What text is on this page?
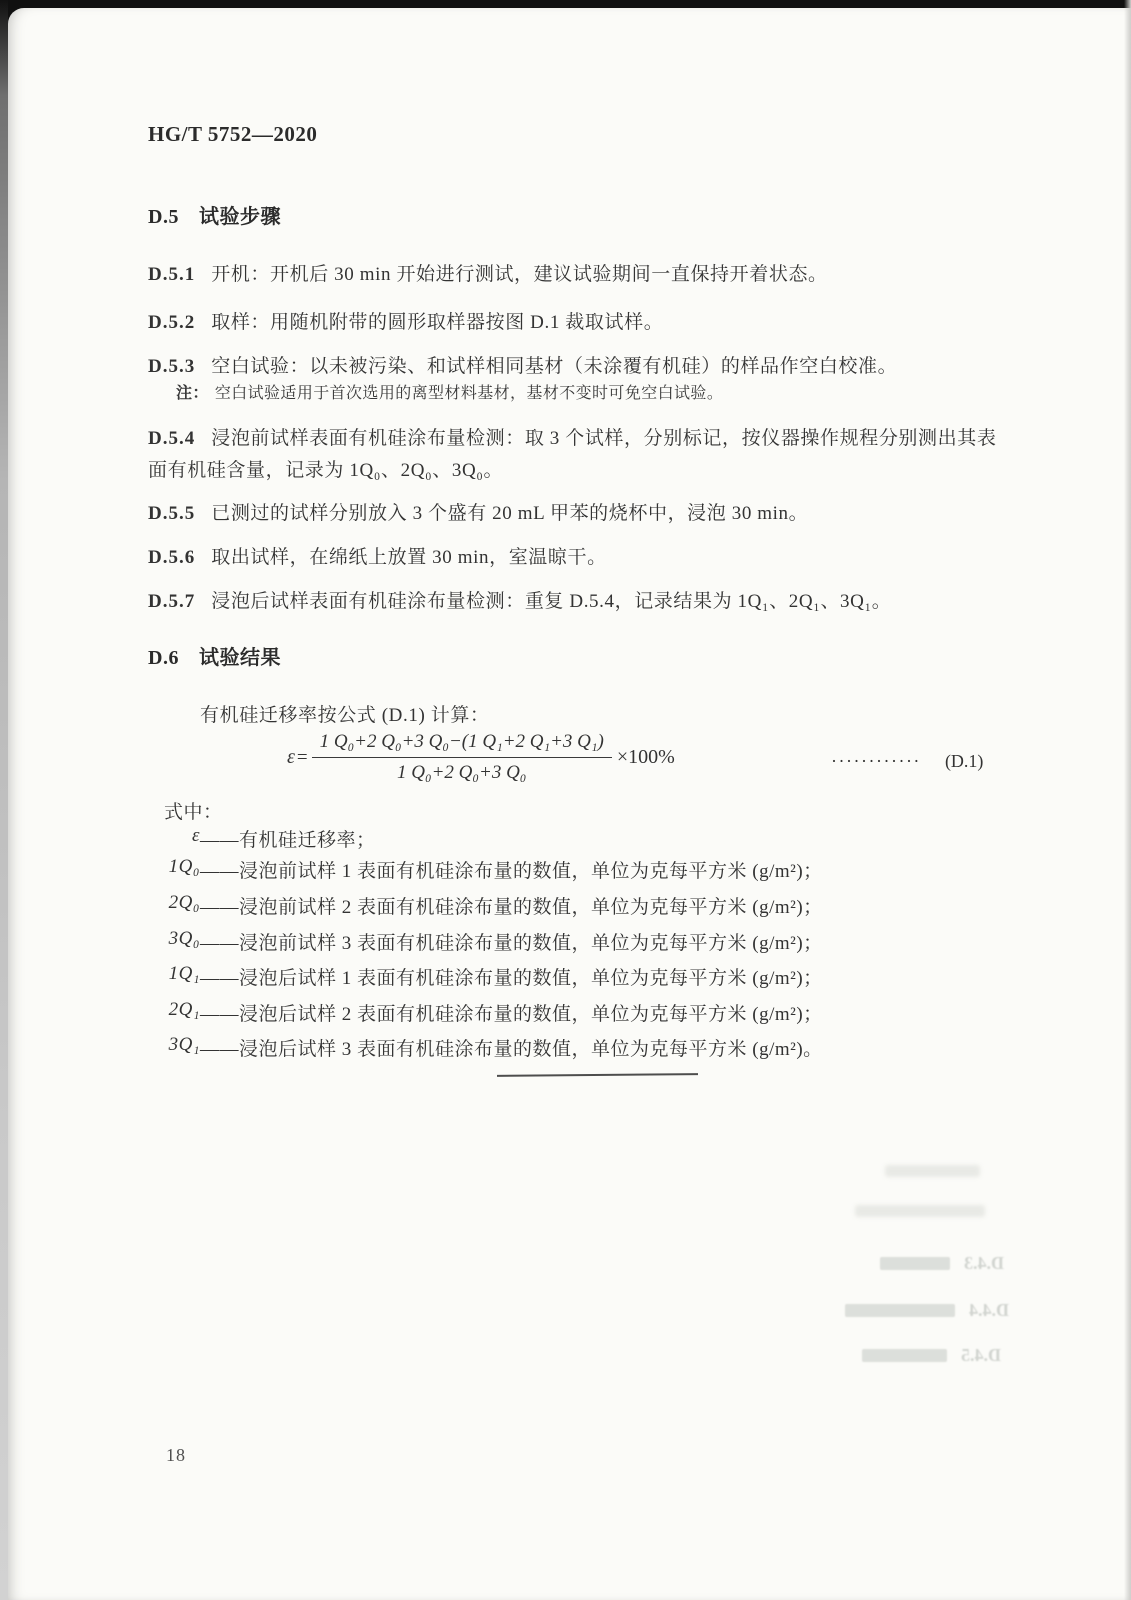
HG/T 5752—2020
D.5 试验步骤
D.5.1 开机：开机后 30 min 开始进行测试，建议试验期间一直保持开着状态。
D.5.2 取样：用随机附带的圆形取样器按图 D.1 裁取试样。
D.5.3 空白试验：以未被污染、和试样相同基材（未涂覆有机硅）的样品作空白校准。
注： 空白试验适用于首次选用的离型材料基材，基材不变时可免空白试验。
D.5.4 浸泡前试样表面有机硅涂布量检测：取 3 个试样，分别标记，按仪器操作规程分别测出其表
面有机硅含量，记录为 1Q₀、2Q₀、3Q₀。
D.5.5 已测过的试样分别放入 3 个盛有 20 mL 甲苯的烧杯中，浸泡 30 min。
D.5.6 取出试样，在绵纸上放置 30 min，室温晾干。
D.5.7 浸泡后试样表面有机硅涂布量检测：重复 D.5.4，记录结果为 1Q₁、2Q₁、3Q₁。
D.6 试验结果
有机硅迁移率按公式 (D.1) 计算：
$\varepsilon = \frac{\text{1 Q₀+2 Q₀+3 Q₀−(1 Q₁+2 Q₁+3 Q₁)}}{\text{1 Q₀+2 Q₀+3 Q₀}} \times 100\%$	············ (D.1)
式中：
ε ——有机硅迁移率；
1Q₀ ——浸泡前试样 1 表面有机硅涂布量的数值，单位为克每平方米 (g/m²)；
2Q₀ ——浸泡前试样 2 表面有机硅涂布量的数值，单位为克每平方米 (g/m²)；
3Q₀ ——浸泡前试样 3 表面有机硅涂布量的数值，单位为克每平方米 (g/m²)；
1Q₁ ——浸泡后试样 1 表面有机硅涂布量的数值，单位为克每平方米 (g/m²)；
2Q₁ ——浸泡后试样 2 表面有机硅涂布量的数值，单位为克每平方米 (g/m²)；
3Q₁ ——浸泡后试样 3 表面有机硅涂布量的数值，单位为克每平方米 (g/m²)。
18
D.4.3
D.4.4
D.4.5
